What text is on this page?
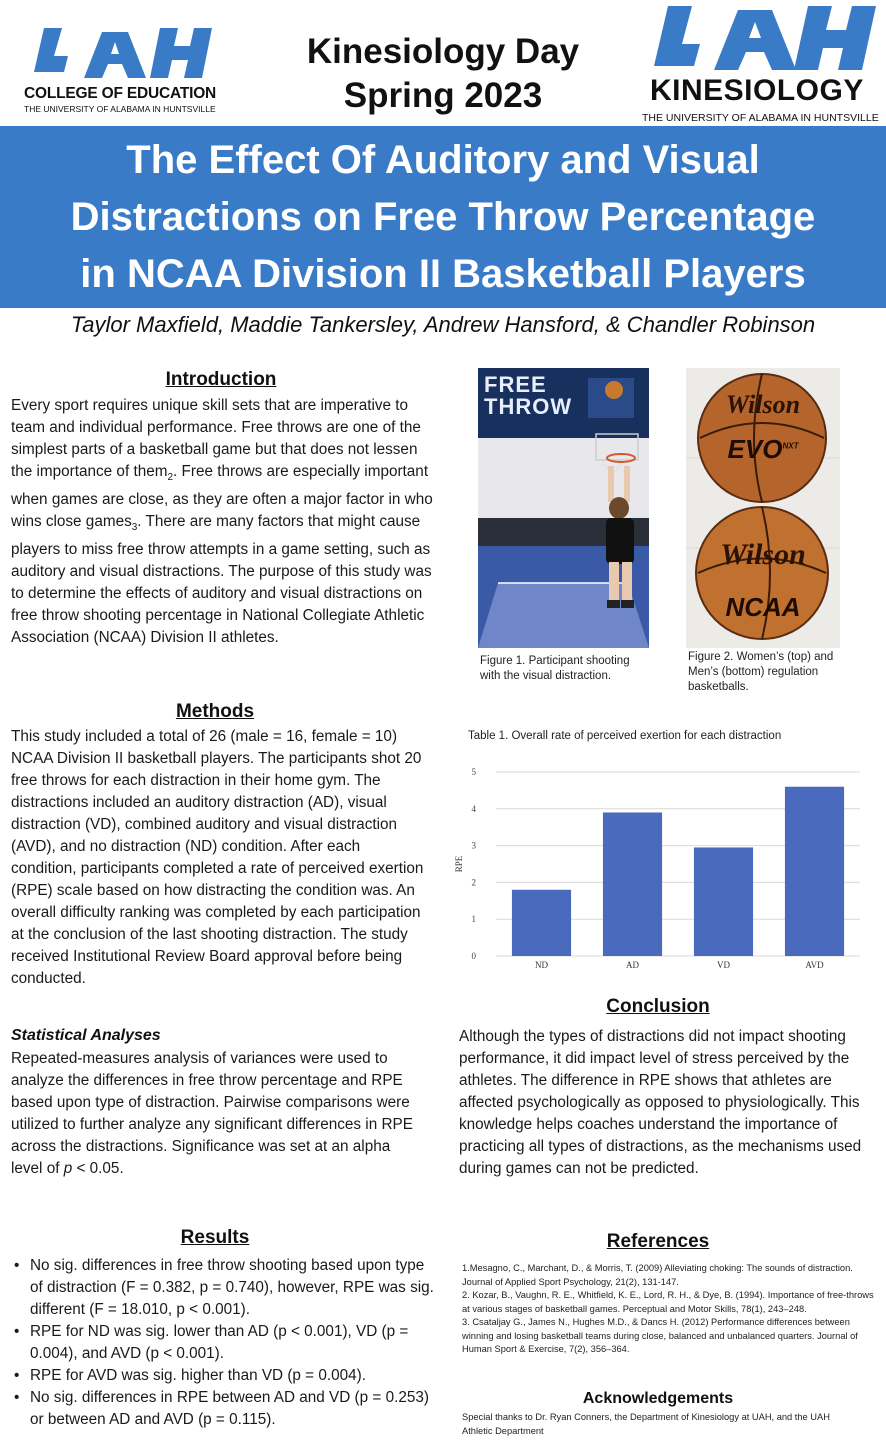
COLLEGE OF EDUCATION
THE UNIVERSITY OF ALABAMA IN HUNTSVILLE
Kinesiology Day
Spring 2023	KINESIOLOGY
THE UNIVERSITY OF ALABAMA IN HUNTSVILLE
The Effect Of Auditory and Visual
Distractions on Free Throw Percentage
in NCAA Division II Basketball Players
Taylor Maxfield, Maddie Tankersley, Andrew Hansford, & Chandler Robinson
Introduction
Every sport requires unique skill sets that are imperative to team and individual performance. Free throws are one of the simplest parts of a basketball game but that does not lessen the importance of them$_2$. Free throws are especially important when games are close, as they are often a major factor in who wins close games$_3$. There are many factors that might cause players to miss free throw attempts in a game setting, such as auditory and visual distractions. The purpose of this study was to determine the effects of auditory and visual distractions on free throw shooting percentage in National Collegiate Athletic Association (NCAA) Division II athletes.
FREE THROW
Figure 1. Participant shooting with the visual distraction.
Wilson
$EVO^{NXT}$
Wilson
NCAA
Figure 2. Women’s (top) and Men’s (bottom) regulation basketballs.
Methods
This study included a total of 26 (male = 16, female = 10) NCAA Division II basketball players. The participants shot 20 free throws for each distraction in their home gym. The distractions included an auditory distraction (AD), visual distraction (VD), combined auditory and visual distraction (AVD), and no distraction (ND) condition. After each condition, participants completed a rate of perceived exertion (RPE) scale based on how distracting the condition was. An overall difficulty ranking was completed by each participation at the conclusion of the last shooting distraction. The study received Institutional Review Board approval before being conducted.
Statistical Analyses
Repeated-measures analysis of variances were used to analyze the differences in free throw percentage and RPE based upon type of distraction. Pairwise comparisons were utilized to further analyze any significant differences in RPE across the distractions. Significance was set at an alpha level of p < 0.05.
Table 1. Overall rate of perceived exertion for each distraction
0
1
2
3
4
5
ND	AD	VD	AVD
RPE
Conclusion
Although the types of distractions did not impact shooting performance, it did impact level of stress perceived by the athletes. The difference in RPE shows that athletes are affected psychologically as opposed to physiologically. This knowledge helps coaches understand the importance of practicing all types of distractions, as the mechanisms used during games can not be predicted.
Results
• No sig. differences in free throw shooting based upon type of distraction (F = 0.382, p = 0.740), however, RPE was sig. different (F = 18.010, p < 0.001).
• RPE for ND was sig. lower than AD (p < 0.001), VD (p = 0.004), and AVD (p < 0.001).
• RPE for AVD was sig. higher than VD (p = 0.004).
• No sig. differences in RPE between AD and VD (p = 0.253) or between AD and AVD (p = 0.115).
References
1.Mesagno, C., Marchant, D., & Morris, T. (2009) Alleviating choking: The sounds of distraction. Journal of Applied Sport Psychology, 21(2), 131-147.
2. Kozar, B., Vaughn, R. E., Whitfield, K. E., Lord, R. H., & Dye, B. (1994). Importance of free-throws at various stages of basketball games. Perceptual and Motor Skills, 78(1), 243–248.
3. Csatalja​y G., James N., Hughes M.D., & Dancs H. (2012) Performance differences between winning and losing basketball teams during close, balanced and unbalanced quarters. Journal of Human Sport & Exercise, 7(2), 356–364.
Acknowledgements
Special thanks to Dr. Ryan Conners, the Department of Kinesiology at UAH, and the UAH Athletic Department
